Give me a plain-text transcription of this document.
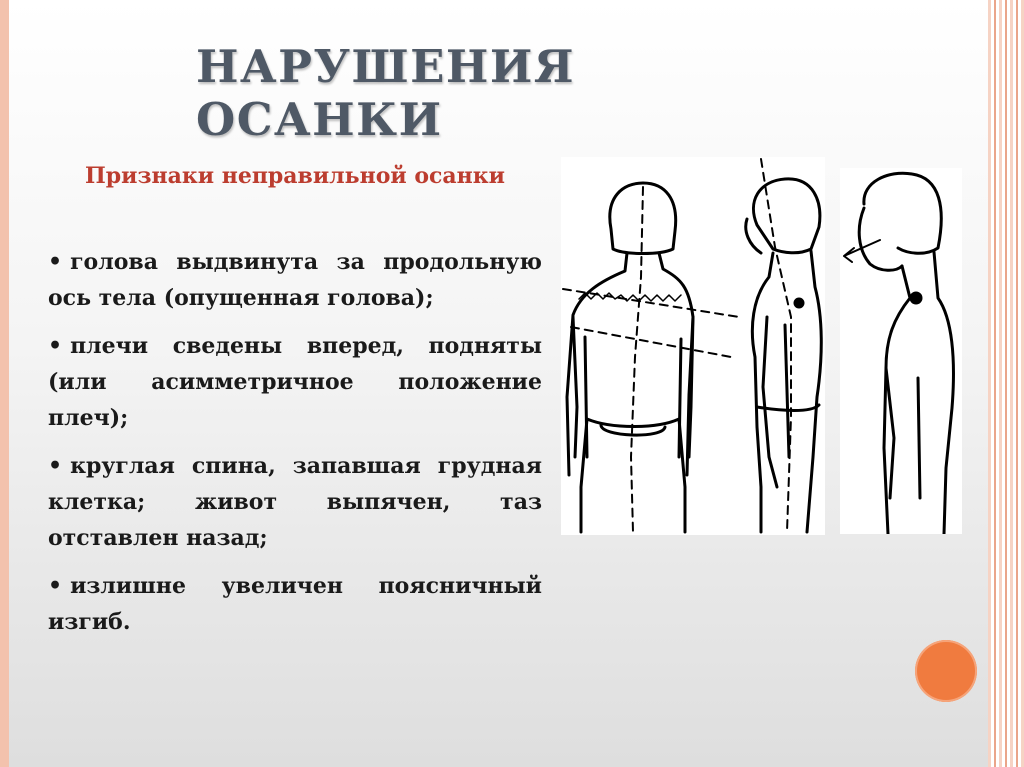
НАРУШЕНИЯ ОСАНКИ
Признаки неправильной осанки
• голова выдвинута за продольную ось тела (опущенная голова);
• плечи сведены вперед, подняты (или асимметричное положение плеч);
• круглая спина, запавшая грудная клетка; живот выпячен, таз отставлен назад;
• излишне увеличен поясничный изгиб.
